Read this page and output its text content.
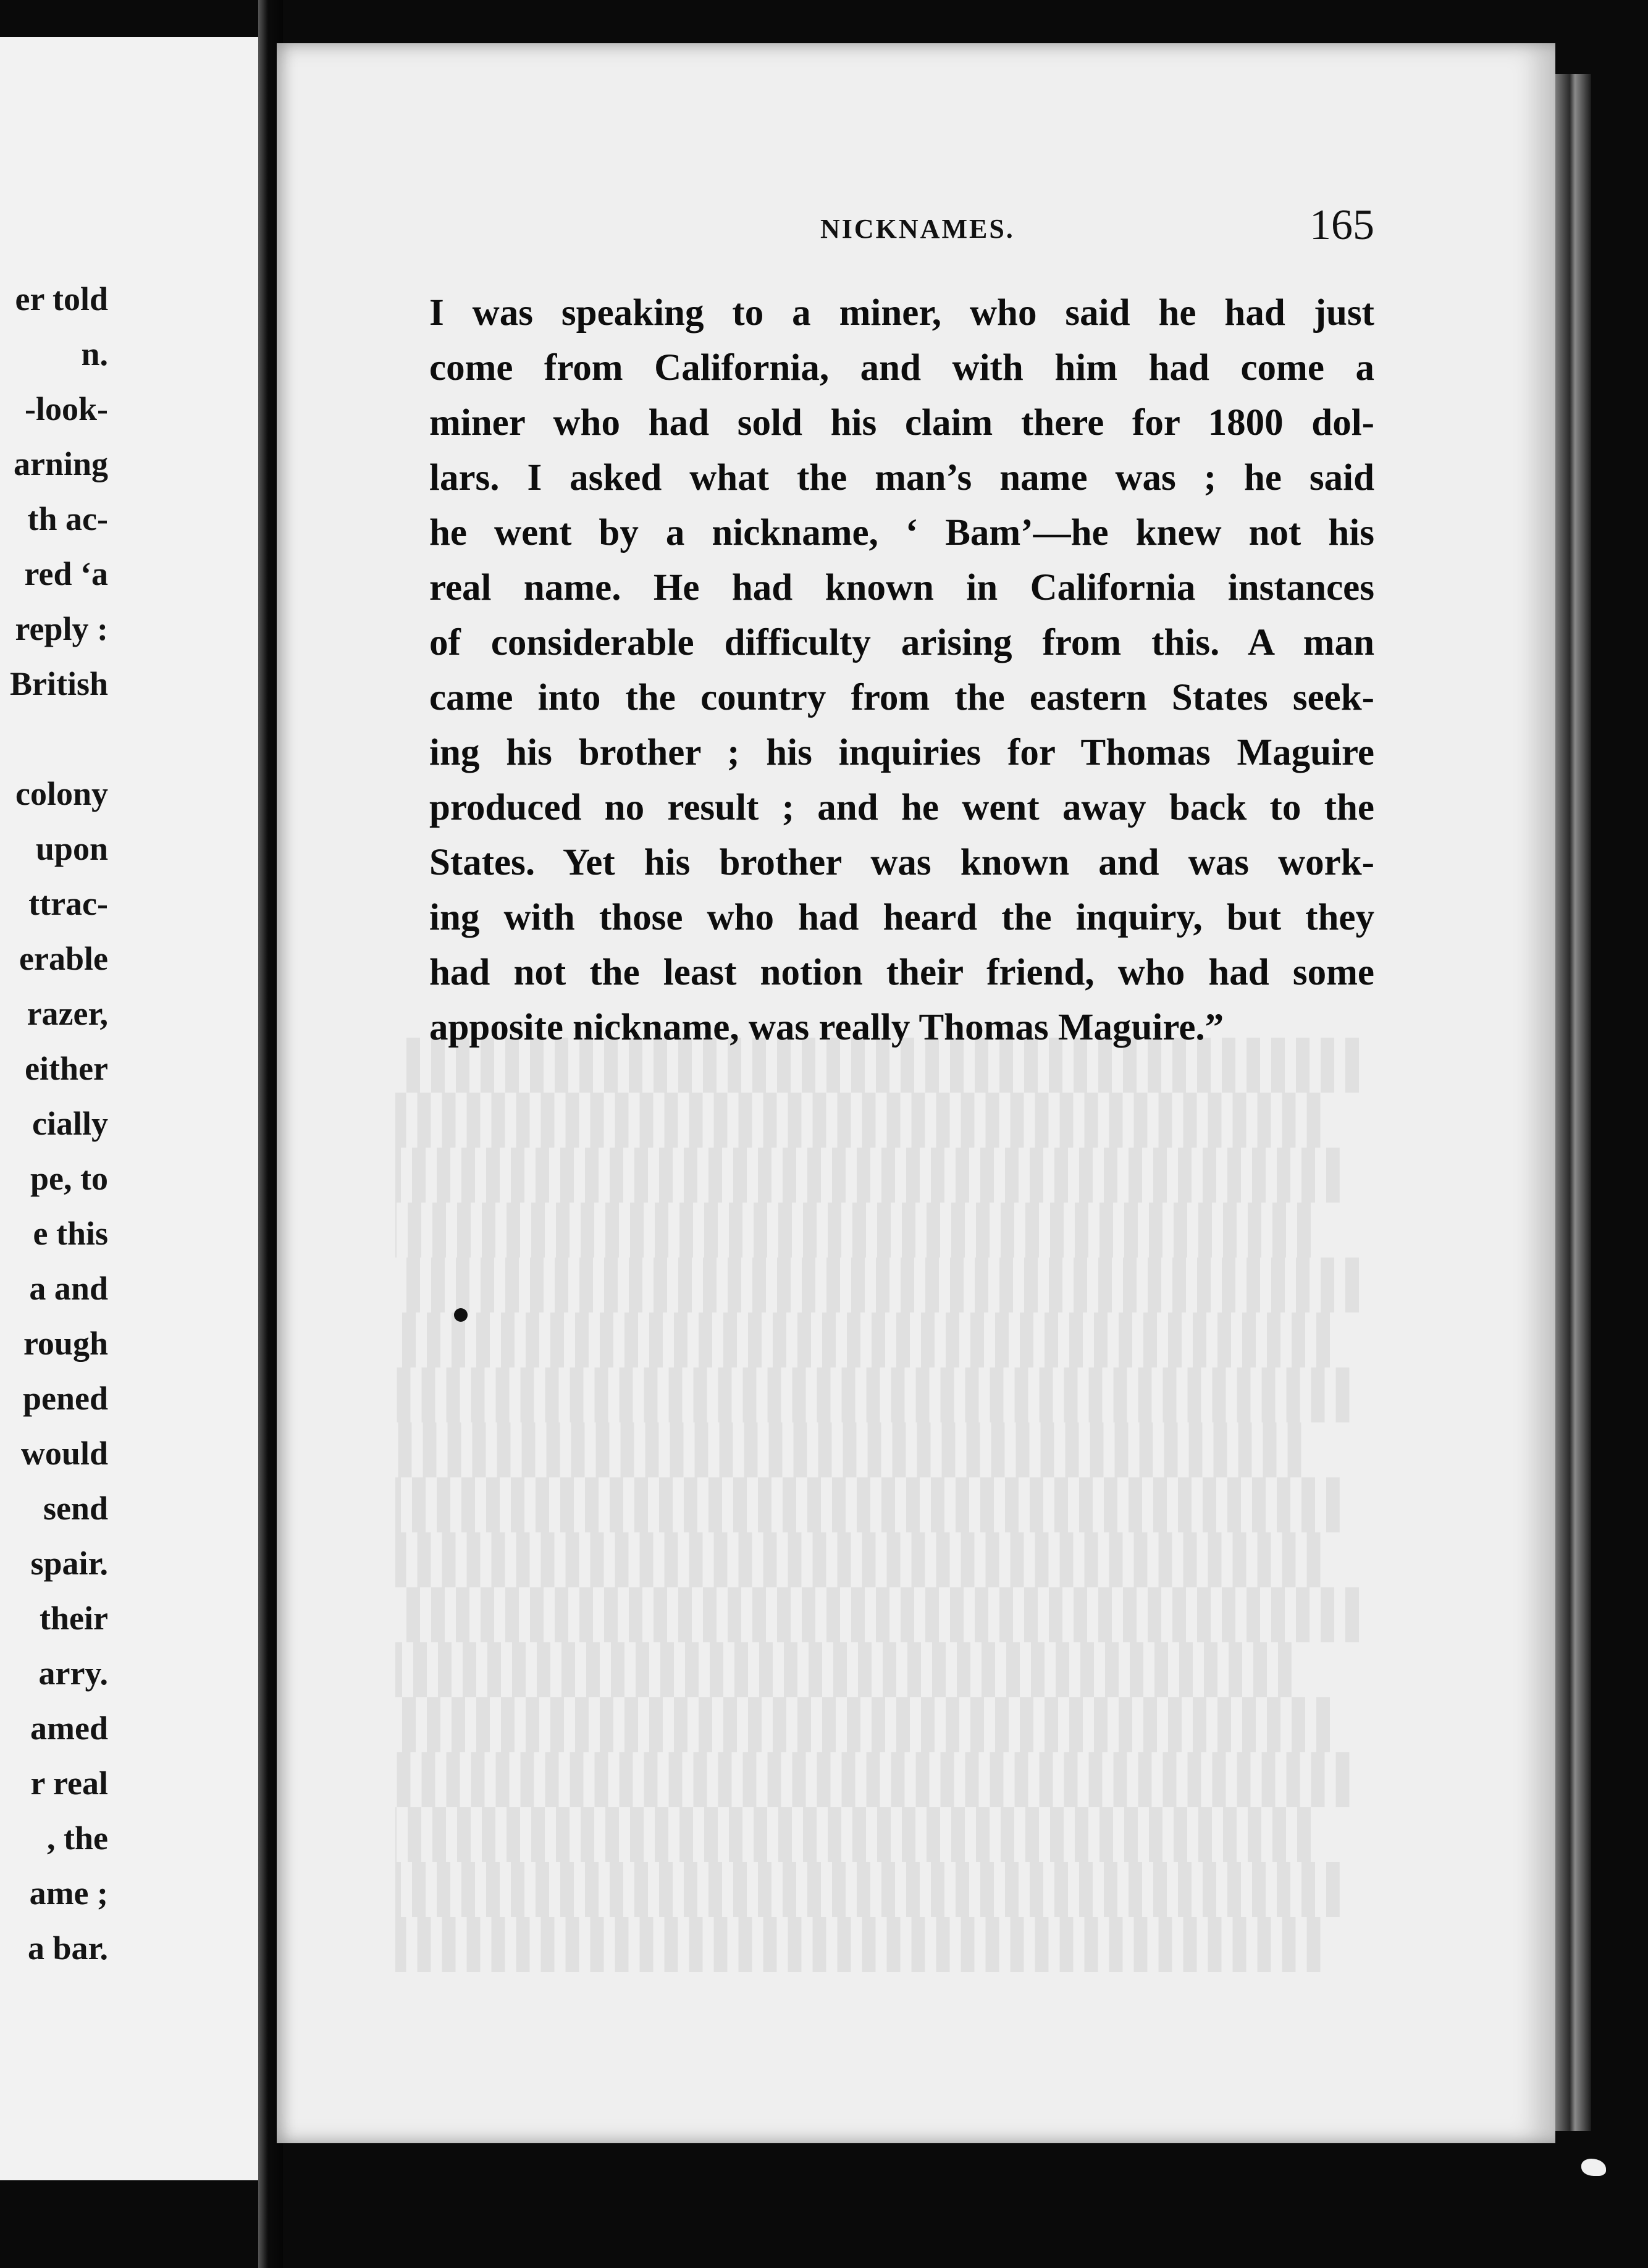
er told
n.
-look-
arning
th ac-
red ‘a
reply :
British
colony
upon
ttrac-
erable
razer,
either
cially
pe, to
e this
a and
rough
pened
would
send
spair.
their
arry.
amed
r real
, the
ame ;
a bar.
NICKNAMES.	165
I was speaking to a miner, who said he had just
come from California, and with him had come a
miner who had sold his claim there for 1800 dol-
lars. I asked what the man’s name was ; he said
he went by a nickname, ‘ Bam’—he knew not his
real name. He had known in California instances
of considerable difficulty arising from this. A man
came into the country from the eastern States seek-
ing his brother ; his inquiries for Thomas Maguire
produced no result ; and he went away back to the
States. Yet his brother was known and was work-
ing with those who had heard the inquiry, but they
had not the least notion their friend, who had some
apposite nickname, was really Thomas Maguire.”
